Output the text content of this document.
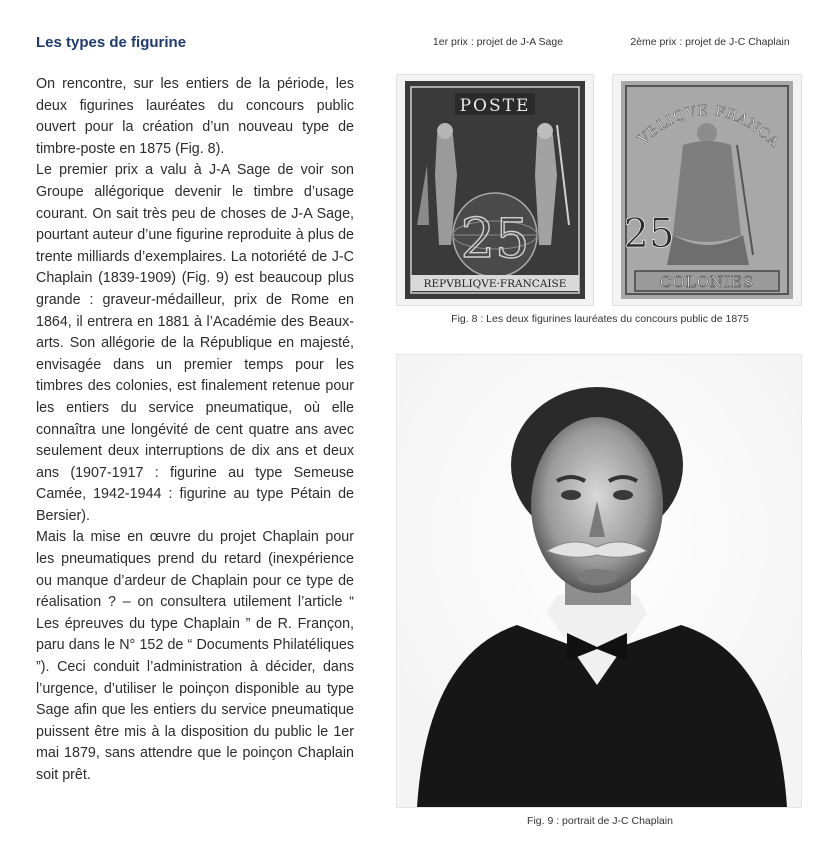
Les types de figurine

On rencontre, sur les entiers de la période, les deux figurines lauréates du concours public ouvert pour la création d’un nouveau type de timbre-poste en 1875 (Fig. 8).

Le premier prix a valu à J-A Sage de voir son Groupe allégorique devenir le timbre d’usage courant. On sait très peu de choses de J-A Sage, pourtant auteur d’une figurine reproduite à plus de trente milliards d’exemplaires. La notoriété de J-C Chaplain (1839-1909) (Fig. 9) est beaucoup plus grande : graveur-médailleur, prix de Rome en 1864, il entrera en 1881 à l’Académie des Beaux-arts. Son allégorie de la République en majesté, envisagée dans un premier temps pour les timbres des colonies, est finalement retenue pour les entiers du service pneumatique, où elle connaîtra une longévité de cent quatre ans avec seulement deux interruptions de dix ans et deux ans (1907-1917 : figurine au type Semeuse Camée, 1942-1944 : figurine au type Pétain de Bersier).

Mais la mise en œuvre du projet Chaplain pour les pneumatiques prend du retard (inexpérience ou manque d’ardeur de Chaplain pour ce type de réalisation ? – on consultera utilement l’article “ Les épreuves du type Chaplain ” de R. Françon, paru dans le N° 152 de “ Documents Philatéliques ”). Ceci conduit l’administration à décider, dans l’urgence, d’utiliser le poinçon disponible au type Sage afin que les entiers du service pneumatique puissent être mis à la disposition du public le 1er mai 1879, sans attendre que le poinçon Chaplain soit prêt.

1er prix : projet de J-A Sage	2ème prix : projet de J-C Chaplain
POSTE
25
REPVBLIQVE·FRANCAISE
VBLIQVE FRANCA
25
COLONIES
Fig. 8 : Les deux figurines lauréates du concours public de 1875
Fig. 9 : portrait de J-C Chaplain
